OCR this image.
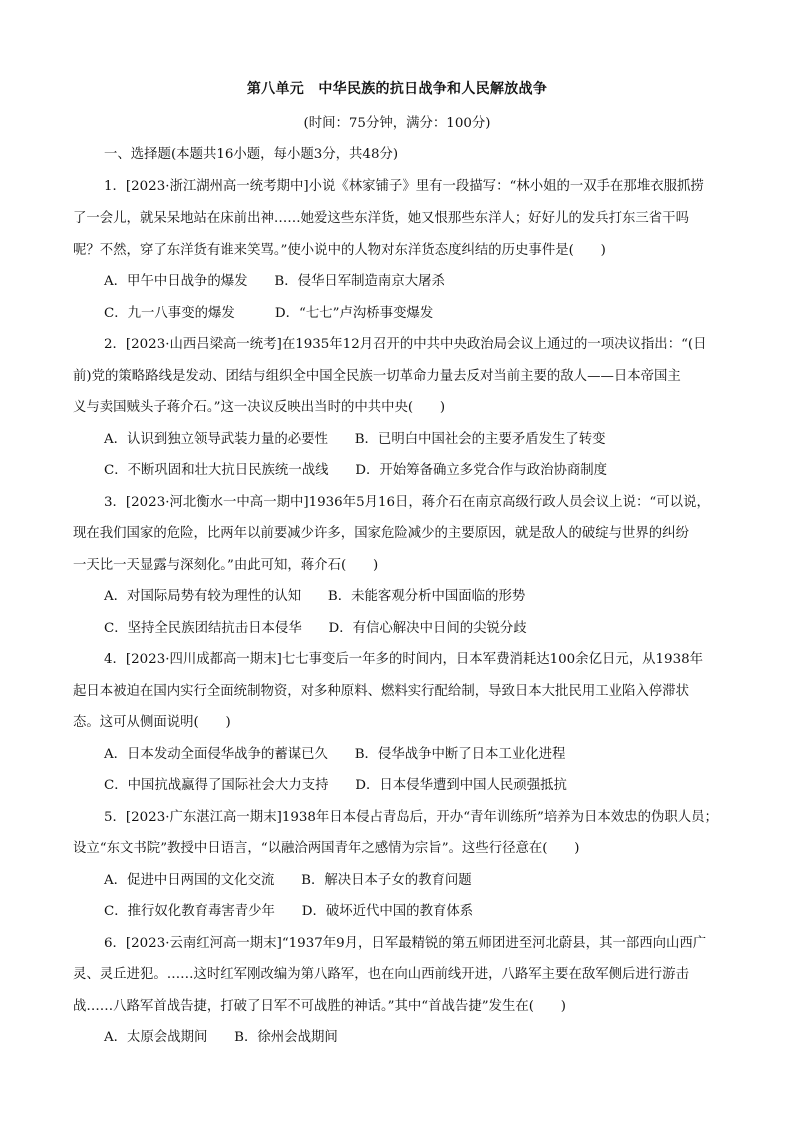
第八单元　中华民族的抗日战争和人民解放战争
(时间：75分钟，满分：100分)
一、选择题(本题共16小题，每小题3分，共48分)
1．[2023·浙江湖州高一统考期中]小说《林家铺子》里有一段描写：“林小姐的一双手在那堆衣服抓捞
了一会儿，就呆呆地站在床前出神……她爱这些东洋货，她又恨那些东洋人；好好儿的发兵打东三省干吗
呢？不然，穿了东洋货有谁来笑骂。”使小说中的人物对东洋货态度纠结的历史事件是(　　)
A．甲午中日战争的爆发　　B．侵华日军制造南京大屠杀
C．九一八事变的爆发　　　D．“七七”卢沟桥事变爆发
2．[2023·山西吕梁高一统考]在1935年12月召开的中共中央政治局会议上通过的一项决议指出：“(日
前)党的策略路线是发动、团结与组织全中国全民族一切革命力量去反对当前主要的敌人——日本帝国主
义与卖国贼头子蒋介石。”这一决议反映出当时的中共中央(　　)
A．认识到独立领导武装力量的必要性　　B．已明白中国社会的主要矛盾发生了转变
C．不断巩固和壮大抗日民族统一战线　　D．开始筹备确立多党合作与政治协商制度
3．[2023·河北衡水一中高一期中]1936年5月16日，蒋介石在南京高级行政人员会议上说：“可以说，
现在我们国家的危险，比两年以前要减少许多，国家危险减少的主要原因，就是敌人的破绽与世界的纠纷
一天比一天显露与深刻化。”由此可知，蒋介石(　　)
A．对国际局势有较为理性的认知　　B．未能客观分析中国面临的形势
C．坚持全民族团结抗击日本侵华　　D．有信心解决中日间的尖锐分歧
4．[2023·四川成都高一期末]七七事变后一年多的时间内，日本军费消耗达100余亿日元，从1938年
起日本被迫在国内实行全面统制物资，对多种原料、燃料实行配给制，导致日本大批民用工业陷入停滞状
态。这可从侧面说明(　　)
A．日本发动全面侵华战争的蓄谋已久　　B．侵华战争中断了日本工业化进程
C．中国抗战赢得了国际社会大力支持　　D．日本侵华遭到中国人民顽强抵抗
5．[2023·广东湛江高一期末]1938年日本侵占青岛后，开办“青年训练所”培养为日本效忠的伪职人员；
设立“东文书院”教授中日语言，“以融洽两国青年之感情为宗旨”。这些行径意在(　　)
A．促进中日两国的文化交流　　B．解决日本子女的教育问题
C．推行奴化教育毒害青少年　　D．破坏近代中国的教育体系
6．[2023·云南红河高一期末]“1937年9月，日军最精锐的第五师团进至河北蔚县，其一部西向山西广
灵、灵丘进犯。……这时红军刚改编为第八路军，也在向山西前线开进，八路军主要在敌军侧后进行游击
战……八路军首战告捷，打破了日军不可战胜的神话。”其中“首战告捷”发生在(　　)
A．太原会战期间　　B．徐州会战期间
